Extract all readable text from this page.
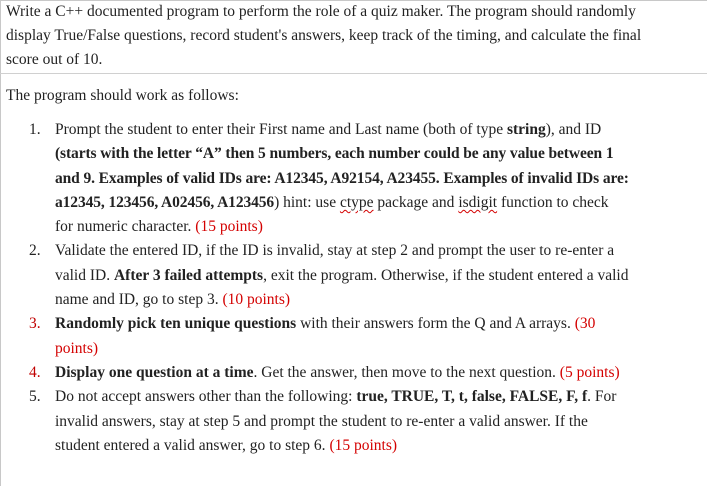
Write a C++ documented program to perform the role of a quiz maker. The program should randomly display True/False questions, record student's answers, keep track of the timing, and calculate the final score out of 10.
The program should work as follows:
1. Prompt the student to enter their First name and Last name (both of type string), and ID (starts with the letter “A” then 5 numbers, each number could be any value between 1 and 9. Examples of valid IDs are: A12345, A92154, A23455. Examples of invalid IDs are: a12345, 123456, A02456, A123456) hint: use ctype package and isdigit function to check for numeric character. (15 points)
2. Validate the entered ID, if the ID is invalid, stay at step 2 and prompt the user to re-enter a valid ID. After 3 failed attempts, exit the program. Otherwise, if the student entered a valid name and ID, go to step 3. (10 points)
3. Randomly pick ten unique questions with their answers form the Q and A arrays. (30 points)
4. Display one question at a time. Get the answer, then move to the next question. (5 points)
5. Do not accept answers other than the following: true, TRUE, T, t, false, FALSE, F, f. For invalid answers, stay at step 5 and prompt the student to re-enter a valid answer. If the student entered a valid answer, go to step 6. (15 points)
